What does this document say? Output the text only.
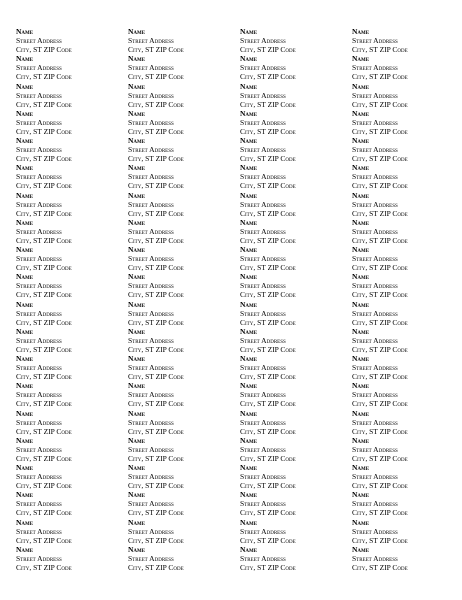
Name
Street Address
City, ST ZIP Code
Name
Street Address
City, ST ZIP Code
Name
Street Address
City, ST ZIP Code
Name
Street Address
City, ST ZIP Code
Name
Street Address
City, ST ZIP Code
Name
Street Address
City, ST ZIP Code
Name
Street Address
City, ST ZIP Code
Name
Street Address
City, ST ZIP Code
Name
Street Address
City, ST ZIP Code
Name
Street Address
City, ST ZIP Code
Name
Street Address
City, ST ZIP Code
Name
Street Address
City, ST ZIP Code
Name
Street Address
City, ST ZIP Code
Name
Street Address
City, ST ZIP Code
Name
Street Address
City, ST ZIP Code
Name
Street Address
City, ST ZIP Code
Name
Street Address
City, ST ZIP Code
Name
Street Address
City, ST ZIP Code
Name
Street Address
City, ST ZIP Code
Name
Street Address
City, ST ZIP Code
Name
Street Address
City, ST ZIP Code
Name
Street Address
City, ST ZIP Code
Name
Street Address
City, ST ZIP Code
Name
Street Address
City, ST ZIP Code
Name
Street Address
City, ST ZIP Code
Name
Street Address
City, ST ZIP Code
Name
Street Address
City, ST ZIP Code
Name
Street Address
City, ST ZIP Code
Name
Street Address
City, ST ZIP Code
Name
Street Address
City, ST ZIP Code
Name
Street Address
City, ST ZIP Code
Name
Street Address
City, ST ZIP Code
Name
Street Address
City, ST ZIP Code
Name
Street Address
City, ST ZIP Code
Name
Street Address
City, ST ZIP Code
Name
Street Address
City, ST ZIP Code
Name
Street Address
City, ST ZIP Code
Name
Street Address
City, ST ZIP Code
Name
Street Address
City, ST ZIP Code
Name
Street Address
City, ST ZIP Code
Name
Street Address
City, ST ZIP Code
Name
Street Address
City, ST ZIP Code
Name
Street Address
City, ST ZIP Code
Name
Street Address
City, ST ZIP Code
Name
Street Address
City, ST ZIP Code
Name
Street Address
City, ST ZIP Code
Name
Street Address
City, ST ZIP Code
Name
Street Address
City, ST ZIP Code
Name
Street Address
City, ST ZIP Code
Name
Street Address
City, ST ZIP Code
Name
Street Address
City, ST ZIP Code
Name
Street Address
City, ST ZIP Code
Name
Street Address
City, ST ZIP Code
Name
Street Address
City, ST ZIP Code
Name
Street Address
City, ST ZIP Code
Name
Street Address
City, ST ZIP Code
Name
Street Address
City, ST ZIP Code
Name
Street Address
City, ST ZIP Code
Name
Street Address
City, ST ZIP Code
Name
Street Address
City, ST ZIP Code
Name
Street Address
City, ST ZIP Code
Name
Street Address
City, ST ZIP Code
Name
Street Address
City, ST ZIP Code
Name
Street Address
City, ST ZIP Code
Name
Street Address
City, ST ZIP Code
Name
Street Address
City, ST ZIP Code
Name
Street Address
City, ST ZIP Code
Name
Street Address
City, ST ZIP Code
Name
Street Address
City, ST ZIP Code
Name
Street Address
City, ST ZIP Code
Name
Street Address
City, ST ZIP Code
Name
Street Address
City, ST ZIP Code
Name
Street Address
City, ST ZIP Code
Name
Street Address
City, ST ZIP Code
Name
Street Address
City, ST ZIP Code
Name
Street Address
City, ST ZIP Code
Name
Street Address
City, ST ZIP Code
Name
Street Address
City, ST ZIP Code
Name
Street Address
City, ST ZIP Code
Name
Street Address
City, ST ZIP Code
